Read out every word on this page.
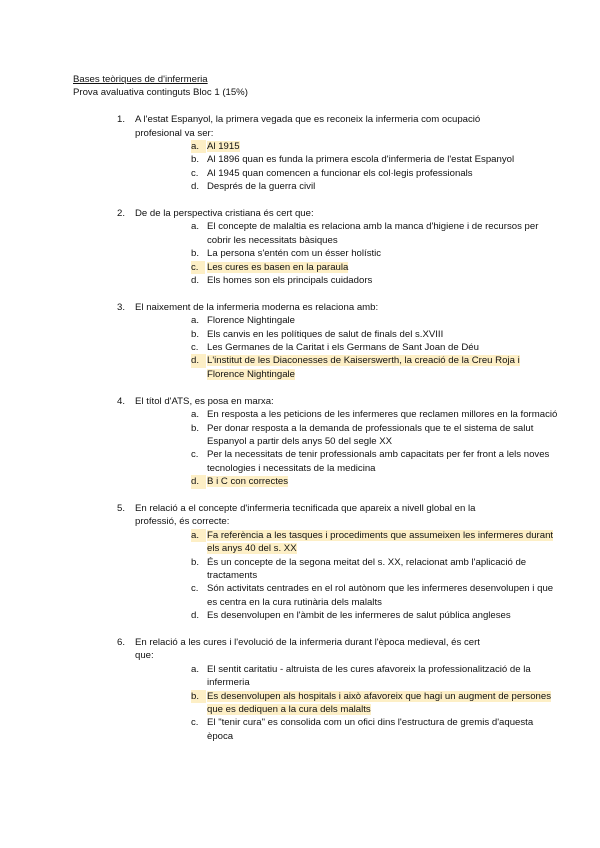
Bases teòriques de d'infermeria
Prova avaluativa continguts Bloc 1 (15%)
1. A l'estat Espanyol, la primera vegada que es reconeix la infermeria com ocupació profesional va ser:
a. Al 1915
b. Al 1896 quan es funda la primera escola d'infermeria de l'estat Espanyol
c. Al 1945 quan comencen a funcionar els col·legis professionals
d. Després de la guerra civil
2. De de la perspectiva cristiana és cert que:
a. El concepte de malaltia es relaciona amb la manca d'higiene i de recursos per cobrir les necessitats bàsiques
b. La persona s'entén com un ésser holístic
c. Les cures es basen en la paraula
d. Els homes son els principals cuidadors
3. El naixement de la infermeria moderna es relaciona amb:
a. Florence Nightingale
b. Els canvis en les polítiques de salut de finals del s.XVIII
c. Les Germanes de la Caritat i els Germans de Sant Joan de Déu
d. L'institut de les Diaconesses de Kaiserswerth, la creació de la Creu Roja i Florence Nightingale
4. El títol d'ATS, es posa en marxa:
a. En resposta a les peticions de les infermeres que reclamen millores en la formació
b. Per donar resposta a la demanda de professionals que te el sistema de salut Espanyol a partir dels anys 50 del segle XX
c. Per la necessitats de tenir professionals amb capacitats per fer front a lels noves tecnologies i necessitats de la medicina
d. B i C con correctes
5. En relació a el concepte d'infermeria tecnificada que apareix a nivell global en la professió, és correcte:
a. Fa referència a les tasques i procediments que assumeixen les infermeres durant els anys 40 del s. XX
b. És un concepte de la segona meitat del s. XX, relacionat amb l'aplicació de tractaments
c. Són activitats centrades en el rol autònom que les infermeres desenvolupen i que es centra en la cura rutinària dels malalts
d. Es desenvolupen en l'àmbit de les infermeres de salut pública angleses
6. En relació a les cures i l'evolució de la infermeria durant l'època medieval, és cert que:
a. El sentit caritatiu - altruista de les cures afavoreix la professionalització de la infermeria
b. Es desenvolupen als hospitals i això afavoreix que hagi un augment de persones que es dediquen a la cura dels malalts
c. El "tenir cura" es consolida com un ofici dins l'estructura de gremis d'aquesta època
